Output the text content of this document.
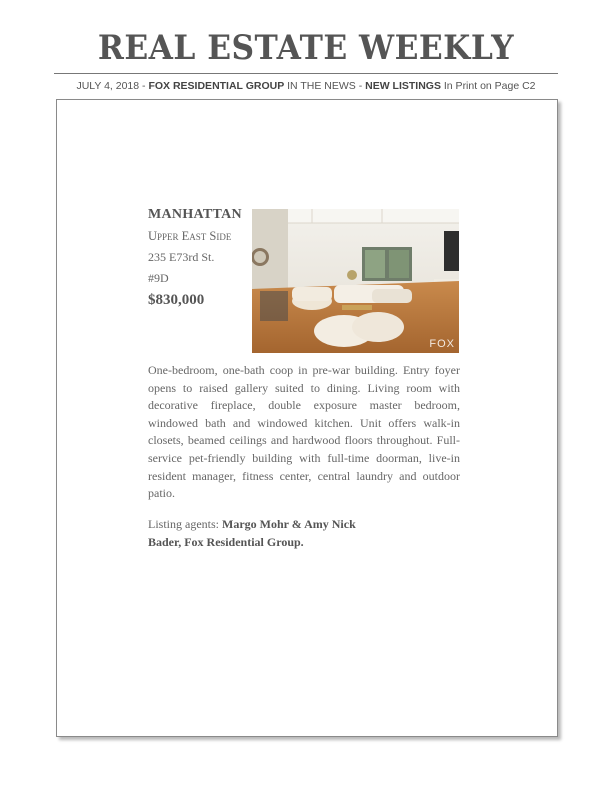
REAL ESTATE WEEKLY
JULY 4, 2018 - FOX RESIDENTIAL GROUP IN THE NEWS - NEW LISTINGS In Print on Page C2
MANHATTAN
Upper East Side
235 E73rd St.
#9D
$830,000
FOX
One-bedroom, one-bath coop in pre-war building. Entry foyer opens to raised gallery suited to dining. Living room with decorative fireplace, double exposure master bedroom, windowed bath and windowed kitchen. Unit offers walk-in closets, beamed ceilings and hardwood floors throughout. Full-service pet-friendly building with full-time doorman, live-in resident manager, fitness center, central laundry and outdoor patio.
Listing agents: Margo Mohr & Amy Nick Bader, Fox Residential Group.
